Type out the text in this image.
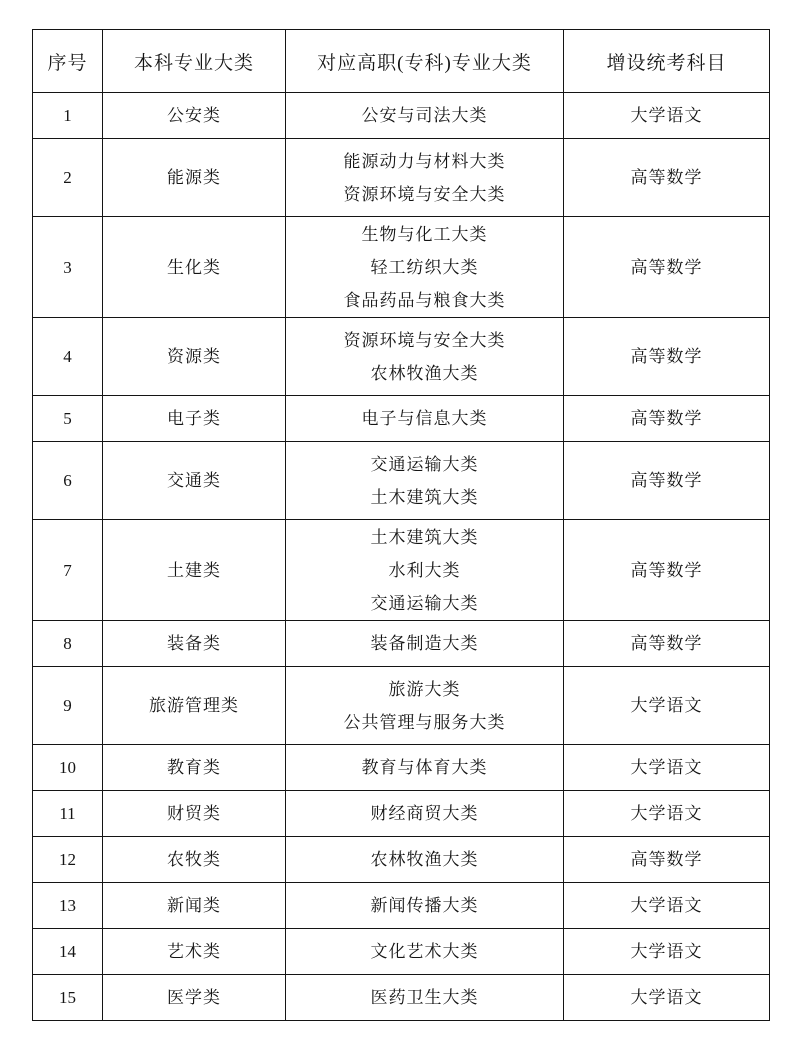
序号	本科专业大类	对应高职(专科)专业大类	增设统考科目

1	公安类	公安与司法大类	大学语文

2	能源类	能源动力与材料大类
资源环境与安全大类	高等数学

3	生化类	生物与化工大类
轻工纺织大类
食品药品与粮食大类	高等数学

4	资源类	资源环境与安全大类
农林牧渔大类	高等数学

5	电子类	电子与信息大类	高等数学

6	交通类	交通运输大类
土木建筑大类	高等数学

7	土建类	土木建筑大类
水利大类
交通运输大类	高等数学

8	装备类	装备制造大类	高等数学

9	旅游管理类	旅游大类
公共管理与服务大类	大学语文

10	教育类	教育与体育大类	大学语文

11	财贸类	财经商贸大类	大学语文

12	农牧类	农林牧渔大类	高等数学

13	新闻类	新闻传播大类	大学语文

14	艺术类	文化艺术大类	大学语文

15	医学类	医药卫生大类	大学语文
